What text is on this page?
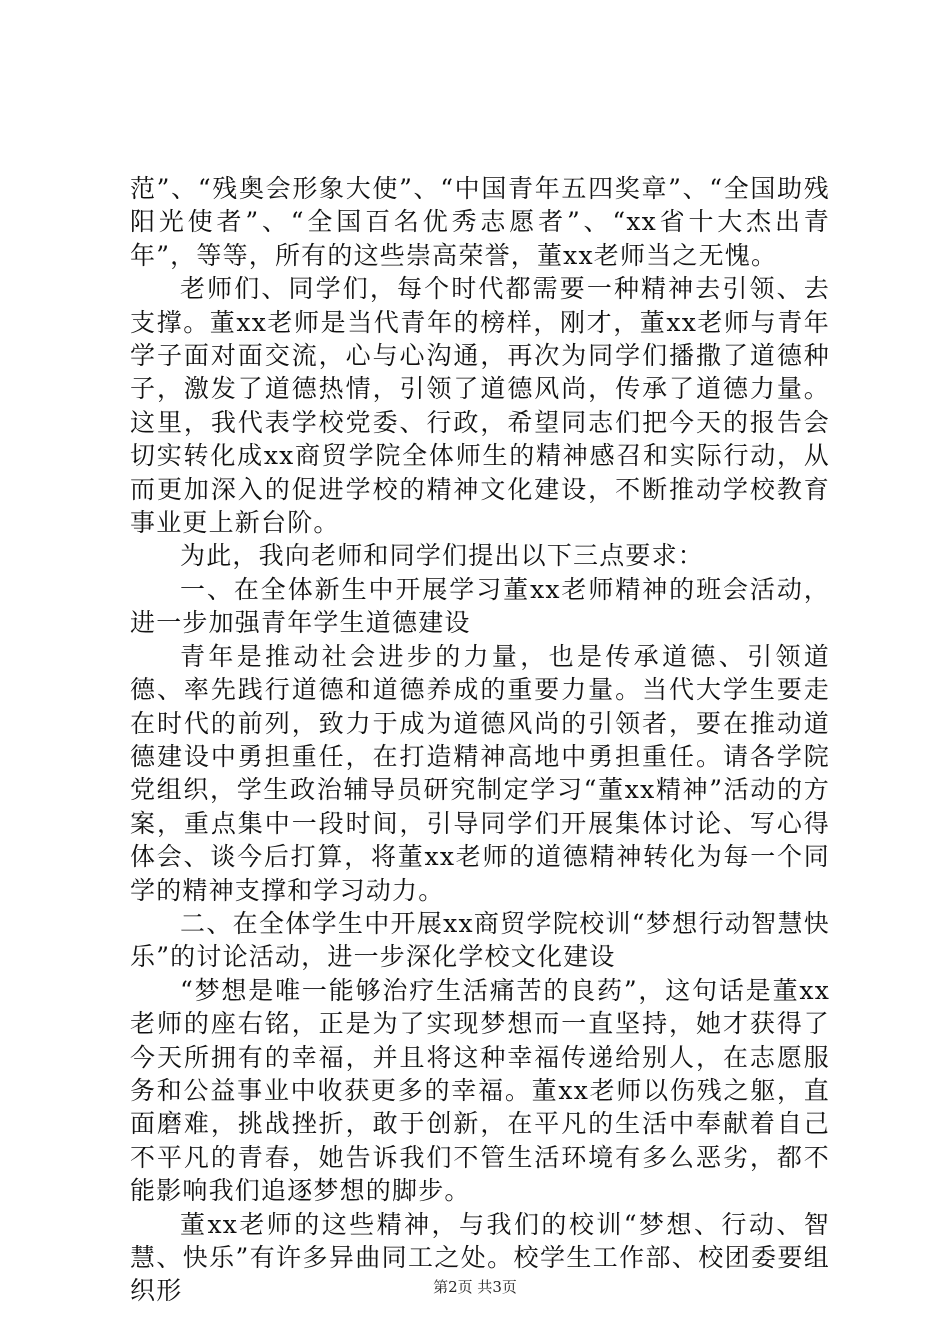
范”、“残奥会形象大使”、“中国青年五四奖章”、“全国助残阳光使者”、“全国百名优秀志愿者”、“xx省十大杰出青年”，等等，所有的这些崇高荣誉，董xx老师当之无愧。

老师们、同学们，每个时代都需要一种精神去引领、去支撑。董xx老师是当代青年的榜样，刚才，董xx老师与青年学子面对面交流，心与心沟通，再次为同学们播撒了道德种子，激发了道德热情，引领了道德风尚，传承了道德力量。这里，我代表学校党委、行政，希望同志们把今天的报告会切实转化成xx商贸学院全体师生的精神感召和实际行动，从而更加深入的促进学校的精神文化建设，不断推动学校教育事业更上新台阶。

为此，我向老师和同学们提出以下三点要求：

一、在全体新生中开展学习董xx老师精神的班会活动，进一步加强青年学生道德建设

青年是推动社会进步的力量，也是传承道德、引领道德、率先践行道德和道德养成的重要力量。当代大学生要走在时代的前列，致力于成为道德风尚的引领者，要在推动道德建设中勇担重任，在打造精神高地中勇担重任。请各学院党组织，学生政治辅导员研究制定学习“董xx精神”活动的方案，重点集中一段时间，引导同学们开展集体讨论、写心得体会、谈今后打算，将董xx老师的道德精神转化为每一个同学的精神支撑和学习动力。

二、在全体学生中开展xx商贸学院校训“梦想行动智慧快乐”的讨论活动，进一步深化学校文化建设

“梦想是唯一能够治疗生活痛苦的良药”，这句话是董xx老师的座右铭，正是为了实现梦想而一直坚持，她才获得了今天所拥有的幸福，并且将这种幸福传递给别人，在志愿服务和公益事业中收获更多的幸福。董xx老师以伤残之躯，直面磨难，挑战挫折，敢于创新，在平凡的生活中奉献着自己不平凡的青春，她告诉我们不管生活环境有多么恶劣，都不能影响我们追逐梦想的脚步。

董xx老师的这些精神，与我们的校训“梦想、行动、智慧、快乐”有许多异曲同工之处。校学生工作部、校团委要组织形	第2页 共3页
